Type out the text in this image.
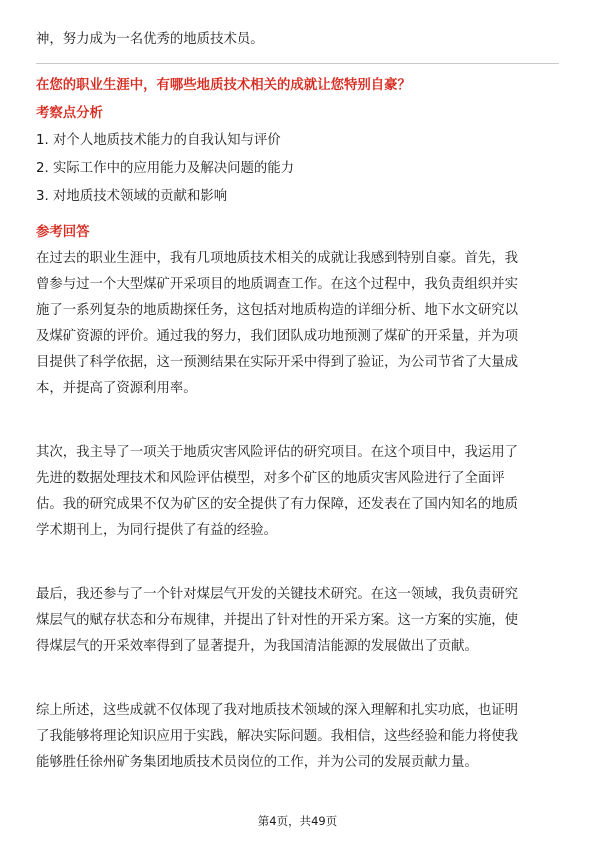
神，努力成为一名优秀的地质技术员。
在您的职业生涯中，有哪些地质技术相关的成就让您特别自豪？
考察点分析
1. 对个人地质技术能力的自我认知与评价
2. 实际工作中的应用能力及解决问题的能力
3. 对地质技术领域的贡献和影响
参考回答
在过去的职业生涯中，我有几项地质技术相关的成就让我感到特别自豪。首先，我
曾参与过一个大型煤矿开采项目的地质调查工作。在这个过程中，我负责组织并实
施了一系列复杂的地质勘探任务，这包括对地质构造的详细分析、地下水文研究以
及煤矿资源的评价。通过我的努力，我们团队成功地预测了煤矿的开采量，并为项
目提供了科学依据，这一预测结果在实际开采中得到了验证，为公司节省了大量成
本，并提高了资源利用率。
其次，我主导了一项关于地质灾害风险评估的研究项目。在这个项目中，我运用了
先进的数据处理技术和风险评估模型，对多个矿区的地质灾害风险进行了全面评
估。我的研究成果不仅为矿区的安全提供了有力保障，还发表在了国内知名的地质
学术期刊上，为同行提供了有益的经验。
最后，我还参与了一个针对煤层气开发的关键技术研究。在这一领域，我负责研究
煤层气的赋存状态和分布规律，并提出了针对性的开采方案。这一方案的实施，使
得煤层气的开采效率得到了显著提升，为我国清洁能源的发展做出了贡献。
综上所述，这些成就不仅体现了我对地质技术领域的深入理解和扎实功底，也证明
了我能够将理论知识应用于实践，解决实际问题。我相信，这些经验和能力将使我
能够胜任徐州矿务集团地质技术员岗位的工作，并为公司的发展贡献力量。
第4页，共49页
